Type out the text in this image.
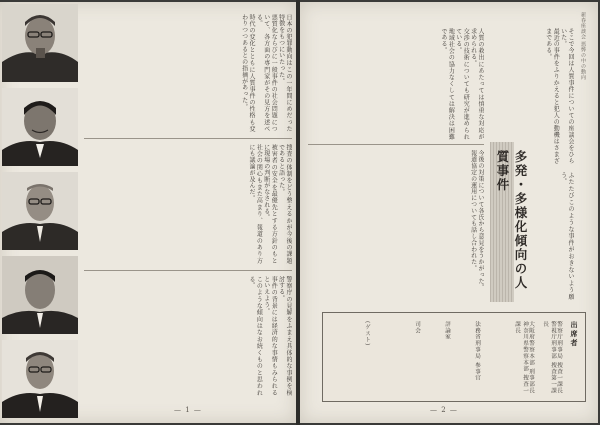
日本の犯罪動向はこの一年間にめだった特徴をもつにいたった。

悪質化ならびに一般事件の社会問題について、各方面の専門家がその見方を述べる。

時代の変化とともに人質事件の性格も変わりつつあるとの指摘があった。

捜査の体制をどう整えるかが今後の課題であると語った。

被害者の安全を最優先とする方針のもとに現場の判断がなされる。

社会の関心もまた高まり、報道のあり方にも議論が及んだ。

警察庁の見解をふまえ具体的な事例を検討する。

事件の背景には経済的な事情もみられるといえよう。

このような傾向はなお続くものと思われる。

— 1 —
新春座談会 悪弊の中の動向

そこで今回は人質事件についての座談会をひらいた。

最近の事件をふりかえると犯人の動機はさまざまである。

多発・多様化傾向の人質事件

人質の救出にあたっては慎重な対応が求められる。

交渉の技術についても研究が進められている。

地域社会の協力なくしては解決は困難である。

今後の対策について各氏から意見をうかがった。

報道協定の運用についても話し合われた。	ふたたびこのような事件がおきないよう願う。

出席者
警察庁刑事局 捜査一課長
警視庁刑事部 捜査第一課長
大阪府警察本部 刑事部長
神奈川県警察本部 捜査一課長
法務省刑事局 参事官
評論家
司会
(ゲスト)
— 2 —
